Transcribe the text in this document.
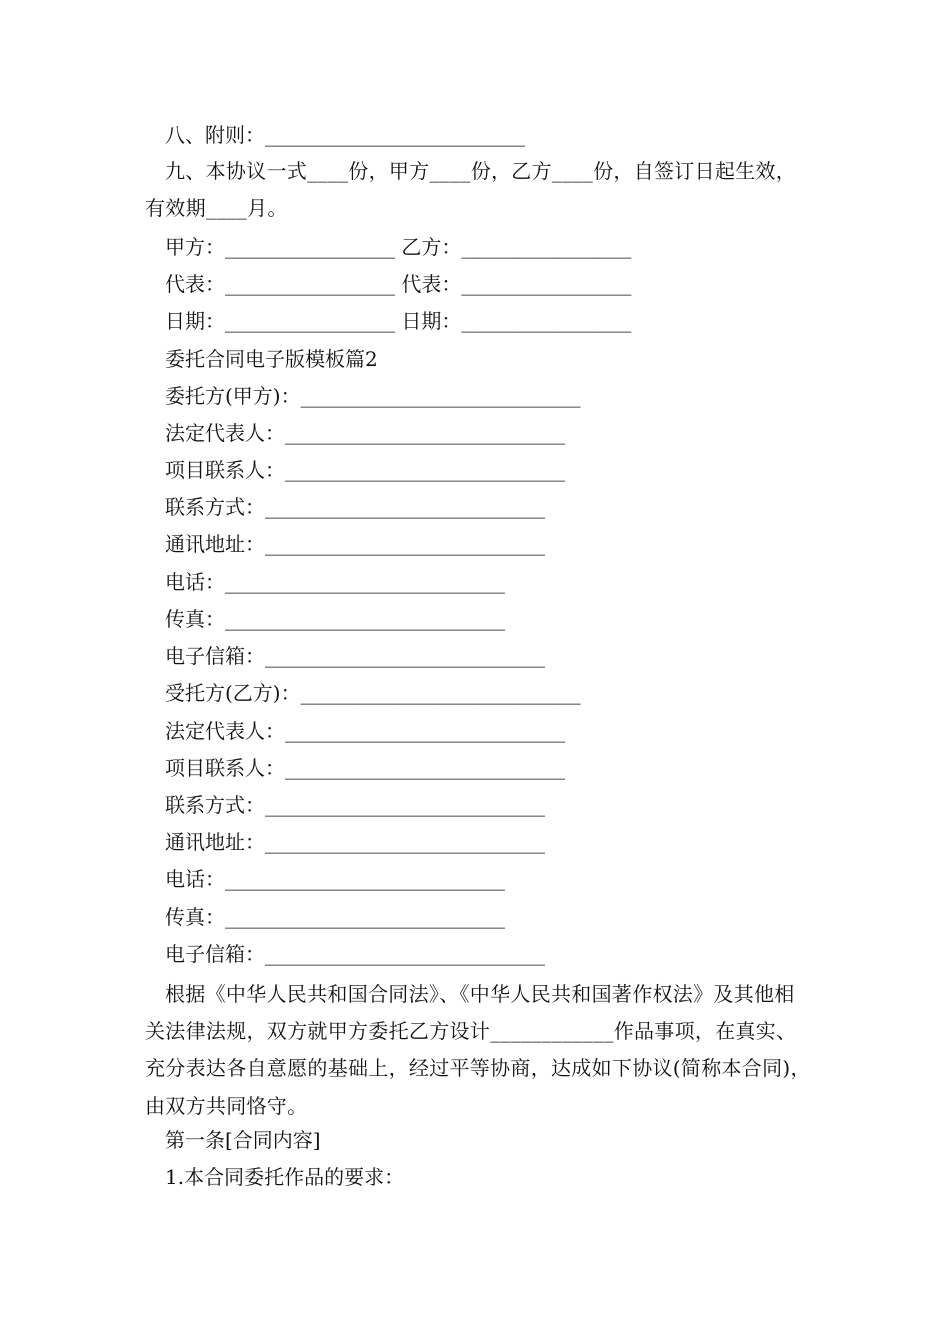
八、附则：__________________________
九、本协议一式____份，甲方____份，乙方____份，自签订日起生效，有效期____月。
甲方：_________________ 乙方：_________________
代表：_________________ 代表：_________________
日期：_________________ 日期：_________________
委托合同电子版模板篇2
委托方(甲方)：____________________________
法定代表人：____________________________
项目联系人：____________________________
联系方式：____________________________
通讯地址：____________________________
电话：____________________________
传真：____________________________
电子信箱：____________________________
受托方(乙方)：____________________________
法定代表人：____________________________
项目联系人：____________________________
联系方式：____________________________
通讯地址：____________________________
电话：____________________________
传真：____________________________
电子信箱：____________________________
根据《中华人民共和国合同法》、《中华人民共和国著作权法》及其他相关法律法规，双方就甲方委托乙方设计____________作品事项，在真实、充分表达各自意愿的基础上，经过平等协商，达成如下协议(简称本合同)，由双方共同恪守。
第一条[合同内容]
1.本合同委托作品的要求：
